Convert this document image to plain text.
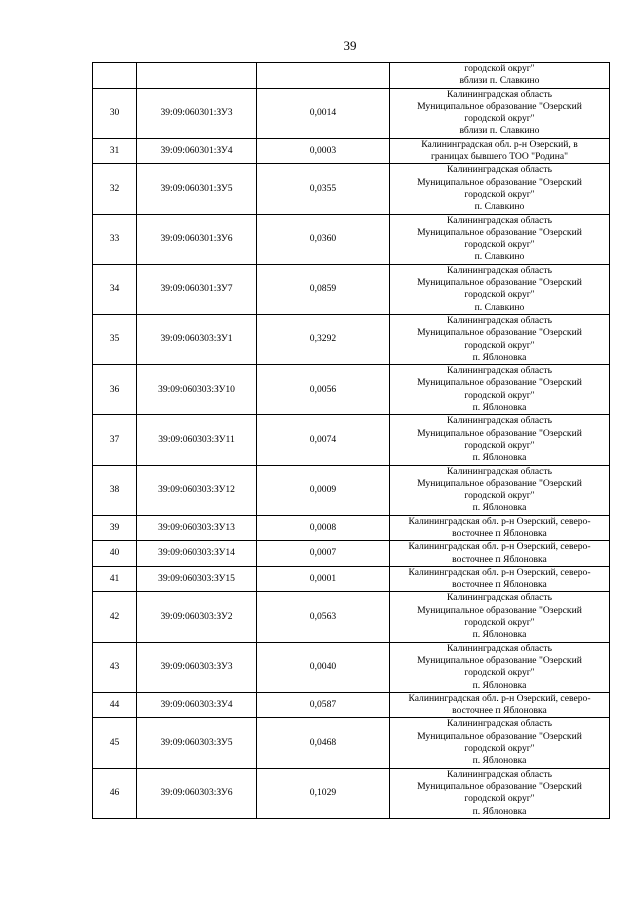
39
			городской округ"
вблизи п. Славкино
30	39:09:060301:ЗУ3	0,0014	Калининградская область
Муниципальное образование "Озерский
городской округ"
вблизи п. Славкино
31	39:09:060301:ЗУ4	0,0003	Калининградская обл. р-н Озерский, в
границах бывшего ТОО "Родина"
32	39:09:060301:ЗУ5	0,0355	Калининградская область
Муниципальное образование "Озерский
городской округ"
п. Славкино
33	39:09:060301:ЗУ6	0,0360	Калининградская область
Муниципальное образование "Озерский
городской округ"
п. Славкино
34	39:09:060301:ЗУ7	0,0859	Калининградская область
Муниципальное образование "Озерский
городской округ"
п. Славкино
35	39:09:060303:ЗУ1	0,3292	Калининградская область
Муниципальное образование "Озерский
городской округ"
п. Яблоновка
36	39:09:060303:ЗУ10	0,0056	Калининградская область
Муниципальное образование "Озерский
городской округ"
п. Яблоновка
37	39:09:060303:ЗУ11	0,0074	Калининградская область
Муниципальное образование "Озерский
городской округ"
п. Яблоновка
38	39:09:060303:ЗУ12	0,0009	Калининградская область
Муниципальное образование "Озерский
городской округ"
п. Яблоновка
39	39:09:060303:ЗУ13	0,0008	Калининградская обл. р-н Озерский, северо-
восточнее п Яблоновка
40	39:09:060303:ЗУ14	0,0007	Калининградская обл. р-н Озерский, северо-
восточнее п Яблоновка
41	39:09:060303:ЗУ15	0,0001	Калининградская обл. р-н Озерский, северо-
восточнее п Яблоновка
42	39:09:060303:ЗУ2	0,0563	Калининградская область
Муниципальное образование "Озерский
городской округ"
п. Яблоновка
43	39:09:060303:ЗУ3	0,0040	Калининградская область
Муниципальное образование "Озерский
городской округ"
п. Яблоновка
44	39:09:060303:ЗУ4	0,0587	Калининградская обл. р-н Озерский, северо-
восточнее п Яблоновка
45	39:09:060303:ЗУ5	0,0468	Калининградская область
Муниципальное образование "Озерский
городской округ"
п. Яблоновка
46	39:09:060303:ЗУ6	0,1029	Калининградская область
Муниципальное образование "Озерский
городской округ"
п. Яблоновка
